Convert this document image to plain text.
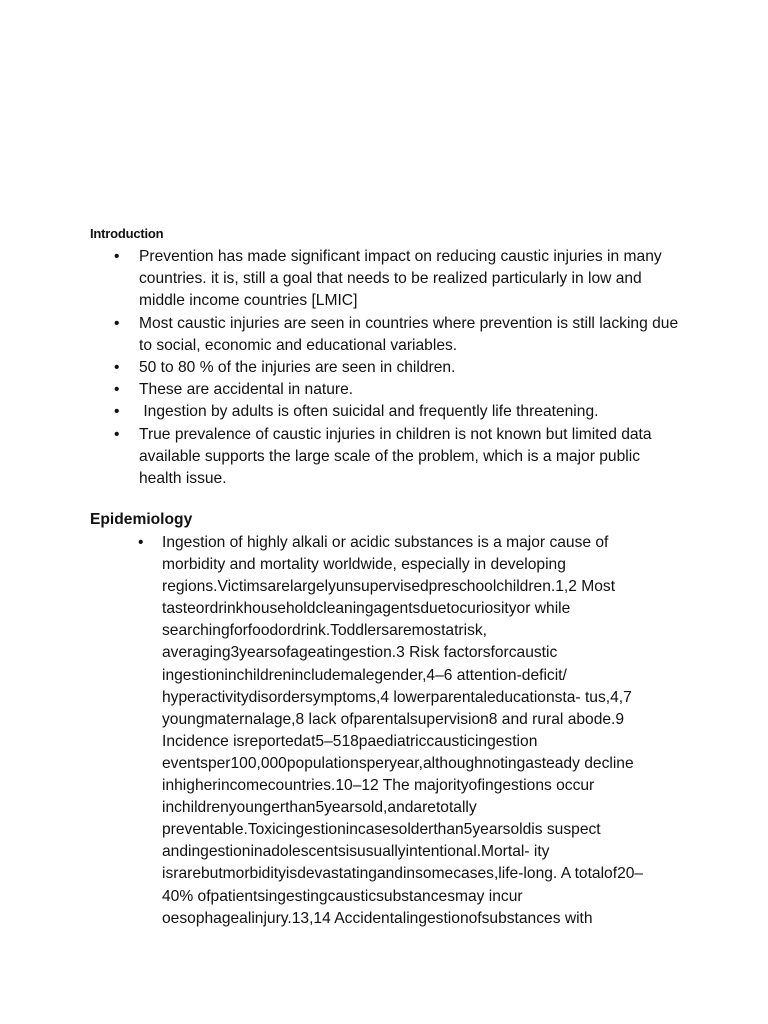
Introduction
• Prevention has made significant impact on reducing caustic injuries in many countries. it is, still a goal that needs to be realized particularly in low and middle income countries [LMIC]
• Most caustic injuries are seen in countries where prevention is still lacking due to social, economic and educational variables.
• 50 to 80 % of the injuries are seen in children.
• These are accidental in nature.
• Ingestion by adults is often suicidal and frequently life threatening.
• True prevalence of caustic injuries in children is not known but limited data available supports the large scale of the problem, which is a major public health issue.
Epidemiology
• Ingestion of highly alkali or acidic substances is a major cause of
morbidity and mortality worldwide, especially in developing
regions.Victimsarelargelyunsupervisedpreschoolchildren.1,2 Most
tasteordrinkhouseholdcleaningagentsduetocuriosityor while
searchingforfoodordrink.Toddlersaremostatrisk,
averaging3yearsofageatingestion.3 Risk factorsforcaustic
ingestioninchildrenincludemalegender,4–6 attention-deficit/
hyperactivitydisordersymptoms,4 lowerparentaleducationsta- tus,4,7
youngmaternalage,8 lack ofparentalsupervision8 and rural abode.9
Incidence isreportedat5–518paediatriccausticingestion
eventsper100,000populationsperyear,althoughnotingasteady decline
inhigherincomecountries.10–12 The majorityofingestions occur
inchildrenyoungerthan5yearsold,andaretotally
preventable.Toxicingestionincasesolderthan5yearsoldis suspect
andingestioninadolescentsisusuallyintentional.Mortal- ity
israrebutmorbidityisdevastatingandinsomecases,life-long. A totalof20–
40% ofpatientsingestingcausticsubstancesmay incur
oesophagealinjury.13,14 Accidentalingestionofsubstances with
